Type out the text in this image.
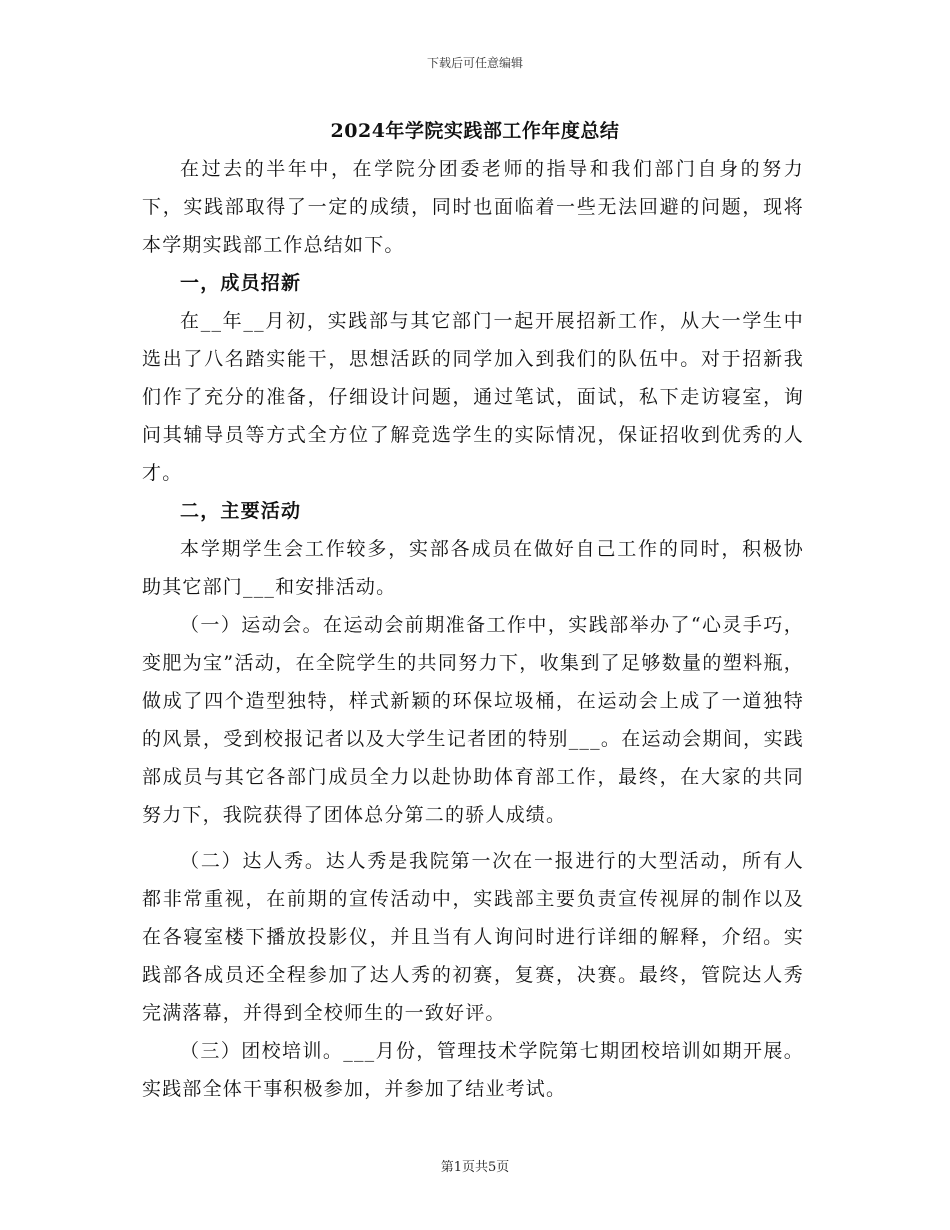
下载后可任意编辑
2024年学院实践部工作年度总结

在过去的半年中，在学院分团委老师的指导和我们部门自身的努力下，实践部取得了一定的成绩，同时也面临着一些无法回避的问题，现将本学期实践部工作总结如下。

一，成员招新

在__年__月初，实践部与其它部门一起开展招新工作，从大一学生中选出了八名踏实能干，思想活跃的同学加入到我们的队伍中。对于招新我们作了充分的准备，仔细设计问题，通过笔试，面试，私下走访寝室，询问其辅导员等方式全方位了解竞选学生的实际情况，保证招收到优秀的人才。

二，主要活动

本学期学生会工作较多，实部各成员在做好自己工作的同时，积极协助其它部门___和安排活动。

（一）运动会。在运动会前期准备工作中，实践部举办了“心灵手巧，变肥为宝”活动，在全院学生的共同努力下，收集到了足够数量的塑料瓶，做成了四个造型独特，样式新颖的环保垃圾桶，在运动会上成了一道独特的风景，受到校报记者以及大学生记者团的特别___。在运动会期间，实践部成员与其它各部门成员全力以赴协助体育部工作，最终，在大家的共同努力下，我院获得了团体总分第二的骄人成绩。

（二）达人秀。达人秀是我院第一次在一报进行的大型活动，所有人都非常重视，在前期的宣传活动中，实践部主要负责宣传视屏的制作以及在各寝室楼下播放投影仪，并且当有人询问时进行详细的解释，介绍。实践部各成员还全程参加了达人秀的初赛，复赛，决赛。最终，管院达人秀完满落幕，并得到全校师生的一致好评。

（三）团校培训。___月份，管理技术学院第七期团校培训如期开展。实践部全体干事积极参加，并参加了结业考试。

第1页共5页
